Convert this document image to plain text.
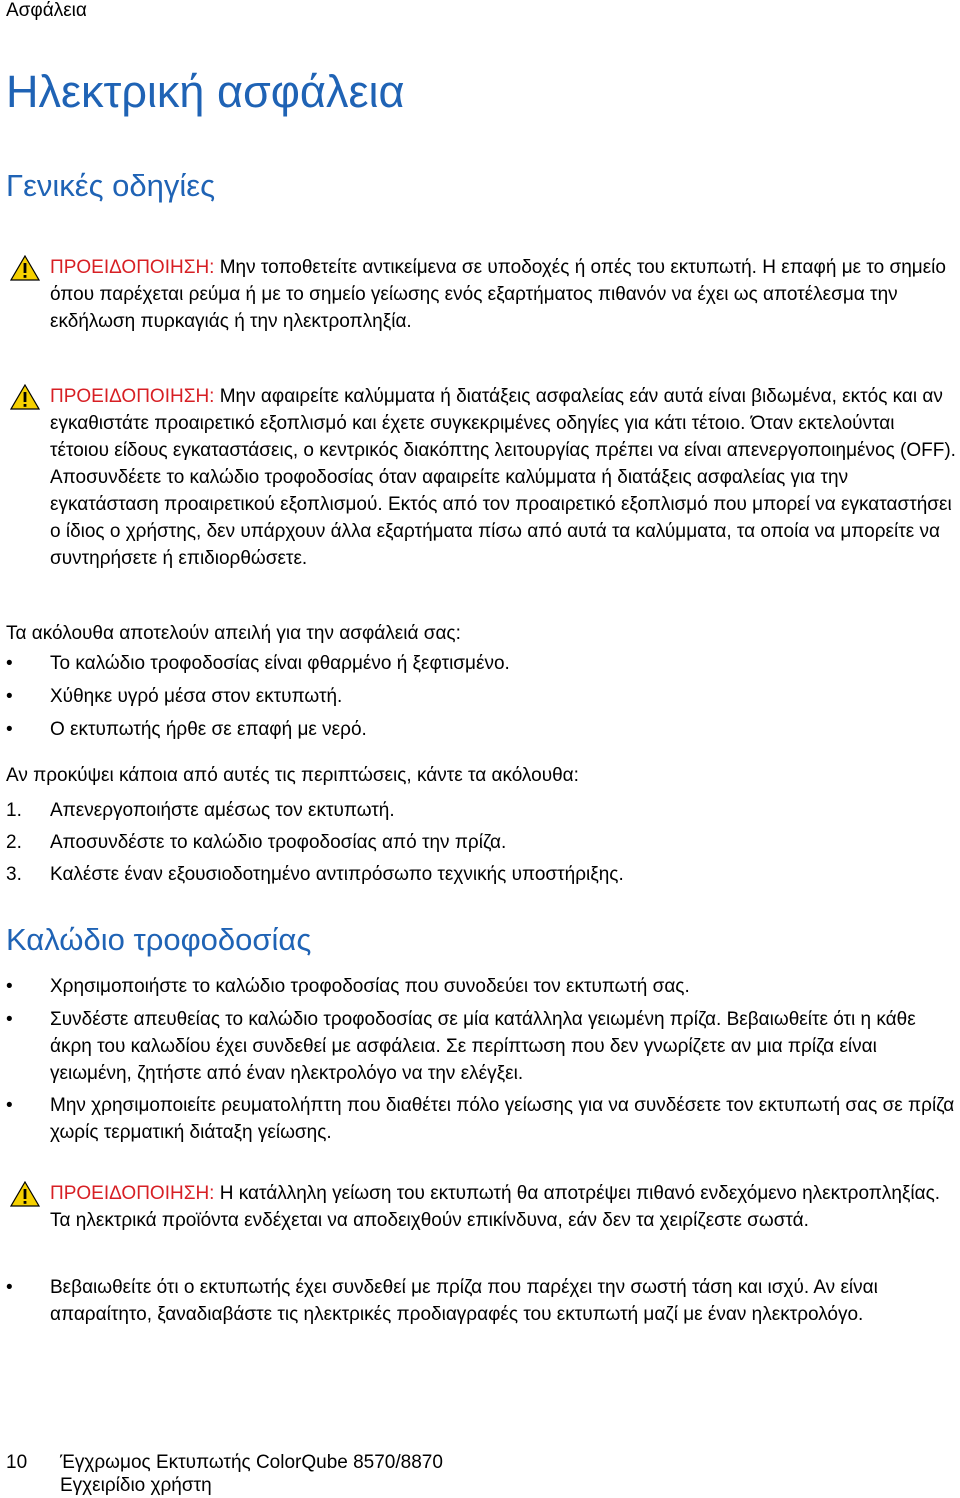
Ασφάλεια
Ηλεκτρική ασφάλεια
Γενικές οδηγίες
ΠΡΟΕΙΔΟΠΟΙΗΣΗ: Μην τοποθετείτε αντικείμενα σε υποδοχές ή οπές του εκτυπωτή. Η επαφή με το σημείο όπου παρέχεται ρεύμα ή με το σημείο γείωσης ενός εξαρτήματος πιθανόν να έχει ως αποτέλεσμα την εκδήλωση πυρκαγιάς ή την ηλεκτροπληξία.
ΠΡΟΕΙΔΟΠΟΙΗΣΗ: Μην αφαιρείτε καλύμματα ή διατάξεις ασφαλείας εάν αυτά είναι βιδωμένα, εκτός και αν εγκαθιστάτε προαιρετικό εξοπλισμό και έχετε συγκεκριμένες οδηγίες για κάτι τέτοιο. Όταν εκτελούνται τέτοιου είδους εγκαταστάσεις, ο κεντρικός διακόπτης λειτουργίας πρέπει να είναι απενεργοποιημένος (OFF). Αποσυνδέετε το καλώδιο τροφοδοσίας όταν αφαιρείτε καλύμματα ή διατάξεις ασφαλείας για την εγκατάσταση προαιρετικού εξοπλισμού. Εκτός από τον προαιρετικό εξοπλισμό που μπορεί να εγκαταστήσει ο ίδιος ο χρήστης, δεν υπάρχουν άλλα εξαρτήματα πίσω από αυτά τα καλύμματα, τα οποία να μπορείτε να συντηρήσετε ή επιδιορθώσετε.
Τα ακόλουθα αποτελούν απειλή για την ασφάλειά σας:
• Το καλώδιο τροφοδοσίας είναι φθαρμένο ή ξεφτισμένο.
• Χύθηκε υγρό μέσα στον εκτυπωτή.
• Ο εκτυπωτής ήρθε σε επαφή με νερό.
Αν προκύψει κάποια από αυτές τις περιπτώσεις, κάντε τα ακόλουθα:
1. Απενεργοποιήστε αμέσως τον εκτυπωτή.
2. Αποσυνδέστε το καλώδιο τροφοδοσίας από την πρίζα.
3. Καλέστε έναν εξουσιοδοτημένο αντιπρόσωπο τεχνικής υποστήριξης.
Καλώδιο τροφοδοσίας
• Χρησιμοποιήστε το καλώδιο τροφοδοσίας που συνοδεύει τον εκτυπωτή σας.
• Συνδέστε απευθείας το καλώδιο τροφοδοσίας σε μία κατάλληλα γειωμένη πρίζα. Βεβαιωθείτε ότι η κάθε άκρη του καλωδίου έχει συνδεθεί με ασφάλεια. Σε περίπτωση που δεν γνωρίζετε αν μια πρίζα είναι γειωμένη, ζητήστε από έναν ηλεκτρολόγο να την ελέγξει.
• Μην χρησιμοποιείτε ρευματολήπτη που διαθέτει πόλο γείωσης για να συνδέσετε τον εκτυπωτή σας σε πρίζα χωρίς τερματική διάταξη γείωσης.
ΠΡΟΕΙΔΟΠΟΙΗΣΗ: Η κατάλληλη γείωση του εκτυπωτή θα αποτρέψει πιθανό ενδεχόμενο ηλεκτροπληξίας. Τα ηλεκτρικά προϊόντα ενδέχεται να αποδειχθούν επικίνδυνα, εάν δεν τα χειρίζεστε σωστά.
• Βεβαιωθείτε ότι ο εκτυπωτής έχει συνδεθεί με πρίζα που παρέχει την σωστή τάση και ισχύ. Αν είναι απαραίτητο, ξαναδιαβάστε τις ηλεκτρικές προδιαγραφές του εκτυπωτή μαζί με έναν ηλεκτρολόγο.
10 Έγχρωμος Εκτυπωτής ColorQube 8570/8870
Εγχειρίδιο χρήστη
